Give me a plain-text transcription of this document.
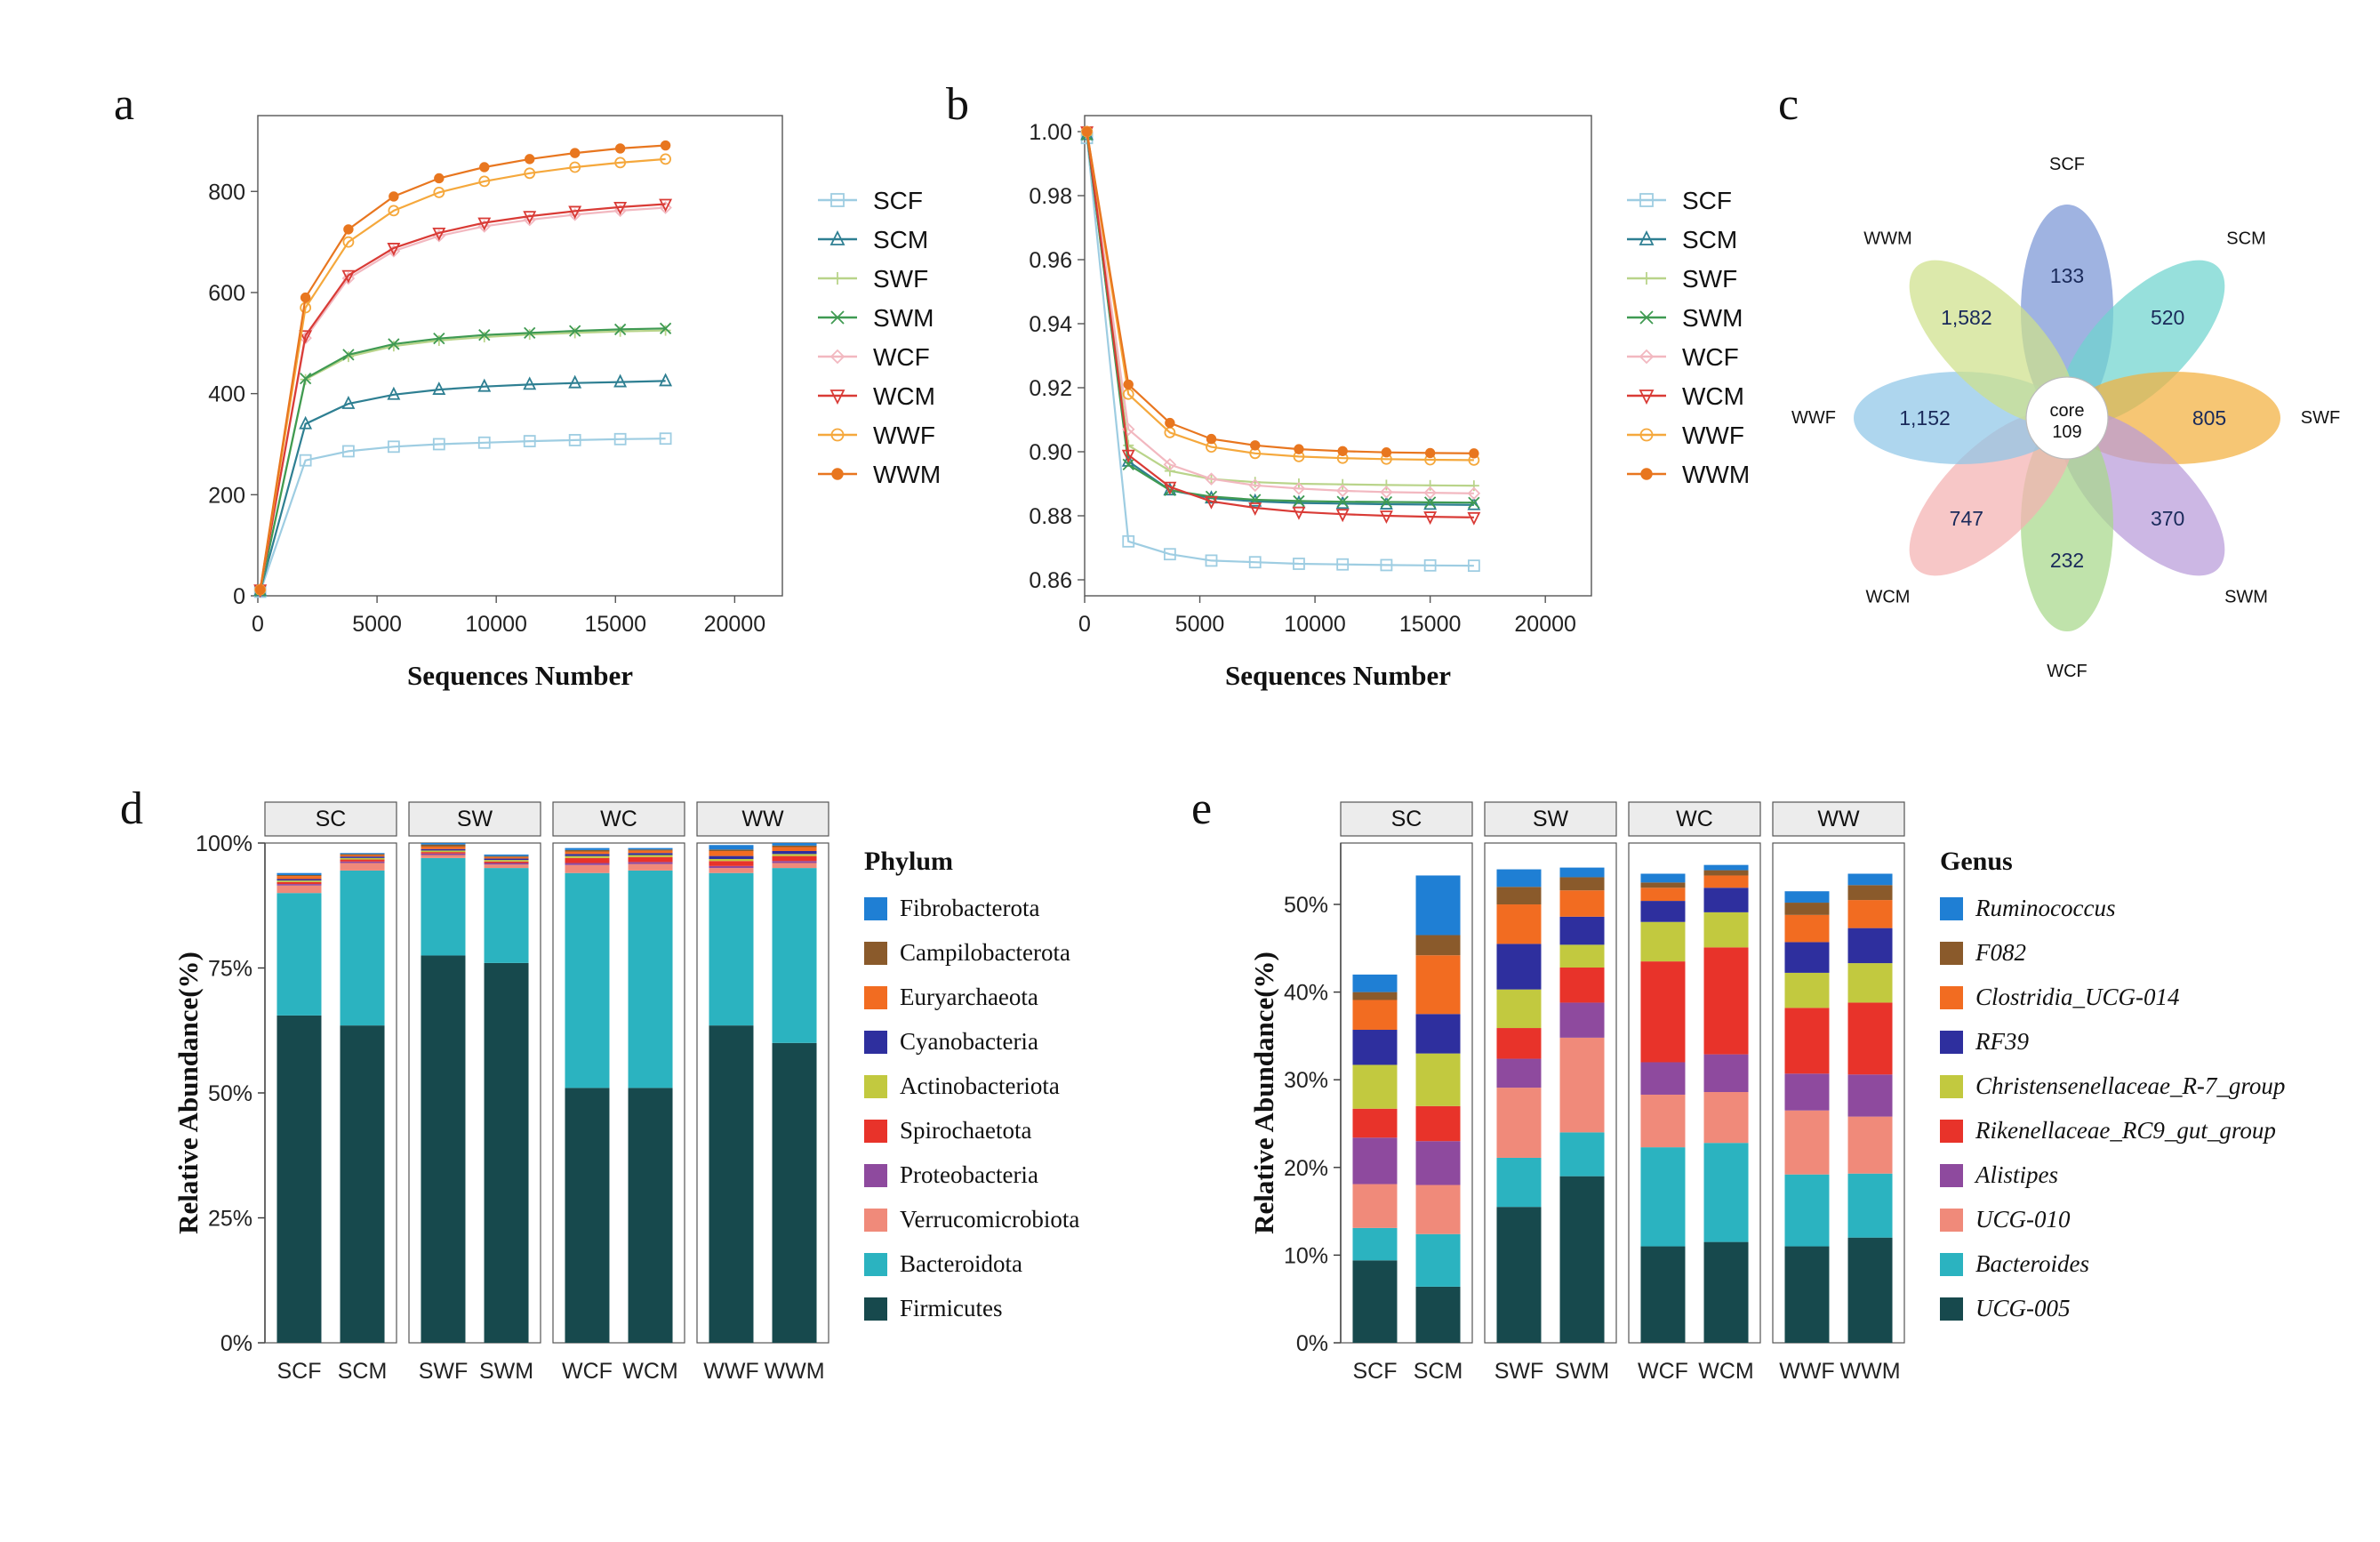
a	b	c
d	e
0	5000	10000	15000	20000
0
200
400
600
800
Sequences Number
SCF
SCM
SWF
SWM
WCF
WCM
WWF
WWM
0	5000	10000 15000 20000
0.86
0.88
0.90
0.92
0.94
0.96
0.98
1.00
Sequences Number
SCF
SCM
SWF
SWM
WCF
WCM
WWF
WWM
133
SCF
520
SCM
805	SWF
370
SWM
232
WCF
747
WCM
1,152
WWF
1,582
WWM
core
109
0%
25%
50%
75%
100%
Relative Abundance(%)
SC
SCF SCM
SW
SWF SWM
WC
WCF WCM
WW
WWF WWM
Phylum
Fibrobacterota
Campilobacterota
Euryarchaeota
Cyanobacteria
Actinobacteriota
Spirochaetota
Proteobacteria
Verrucomicrobiota
Bacteroidota
Firmicutes
0%
10%
20%
30%
40%
50%
Relative Abundance(%)
SC
SCF SCM
SW
SWF SWM
WC
WCF WCM
WW
WWF WWM
Genus
Ruminococcus
F082
Clostridia_UCG-014
RF39
Christensenellaceae_R-7_group
Rikenellaceae_RC9_gut_group
Alistipes
UCG-010
Bacteroides
UCG-005
